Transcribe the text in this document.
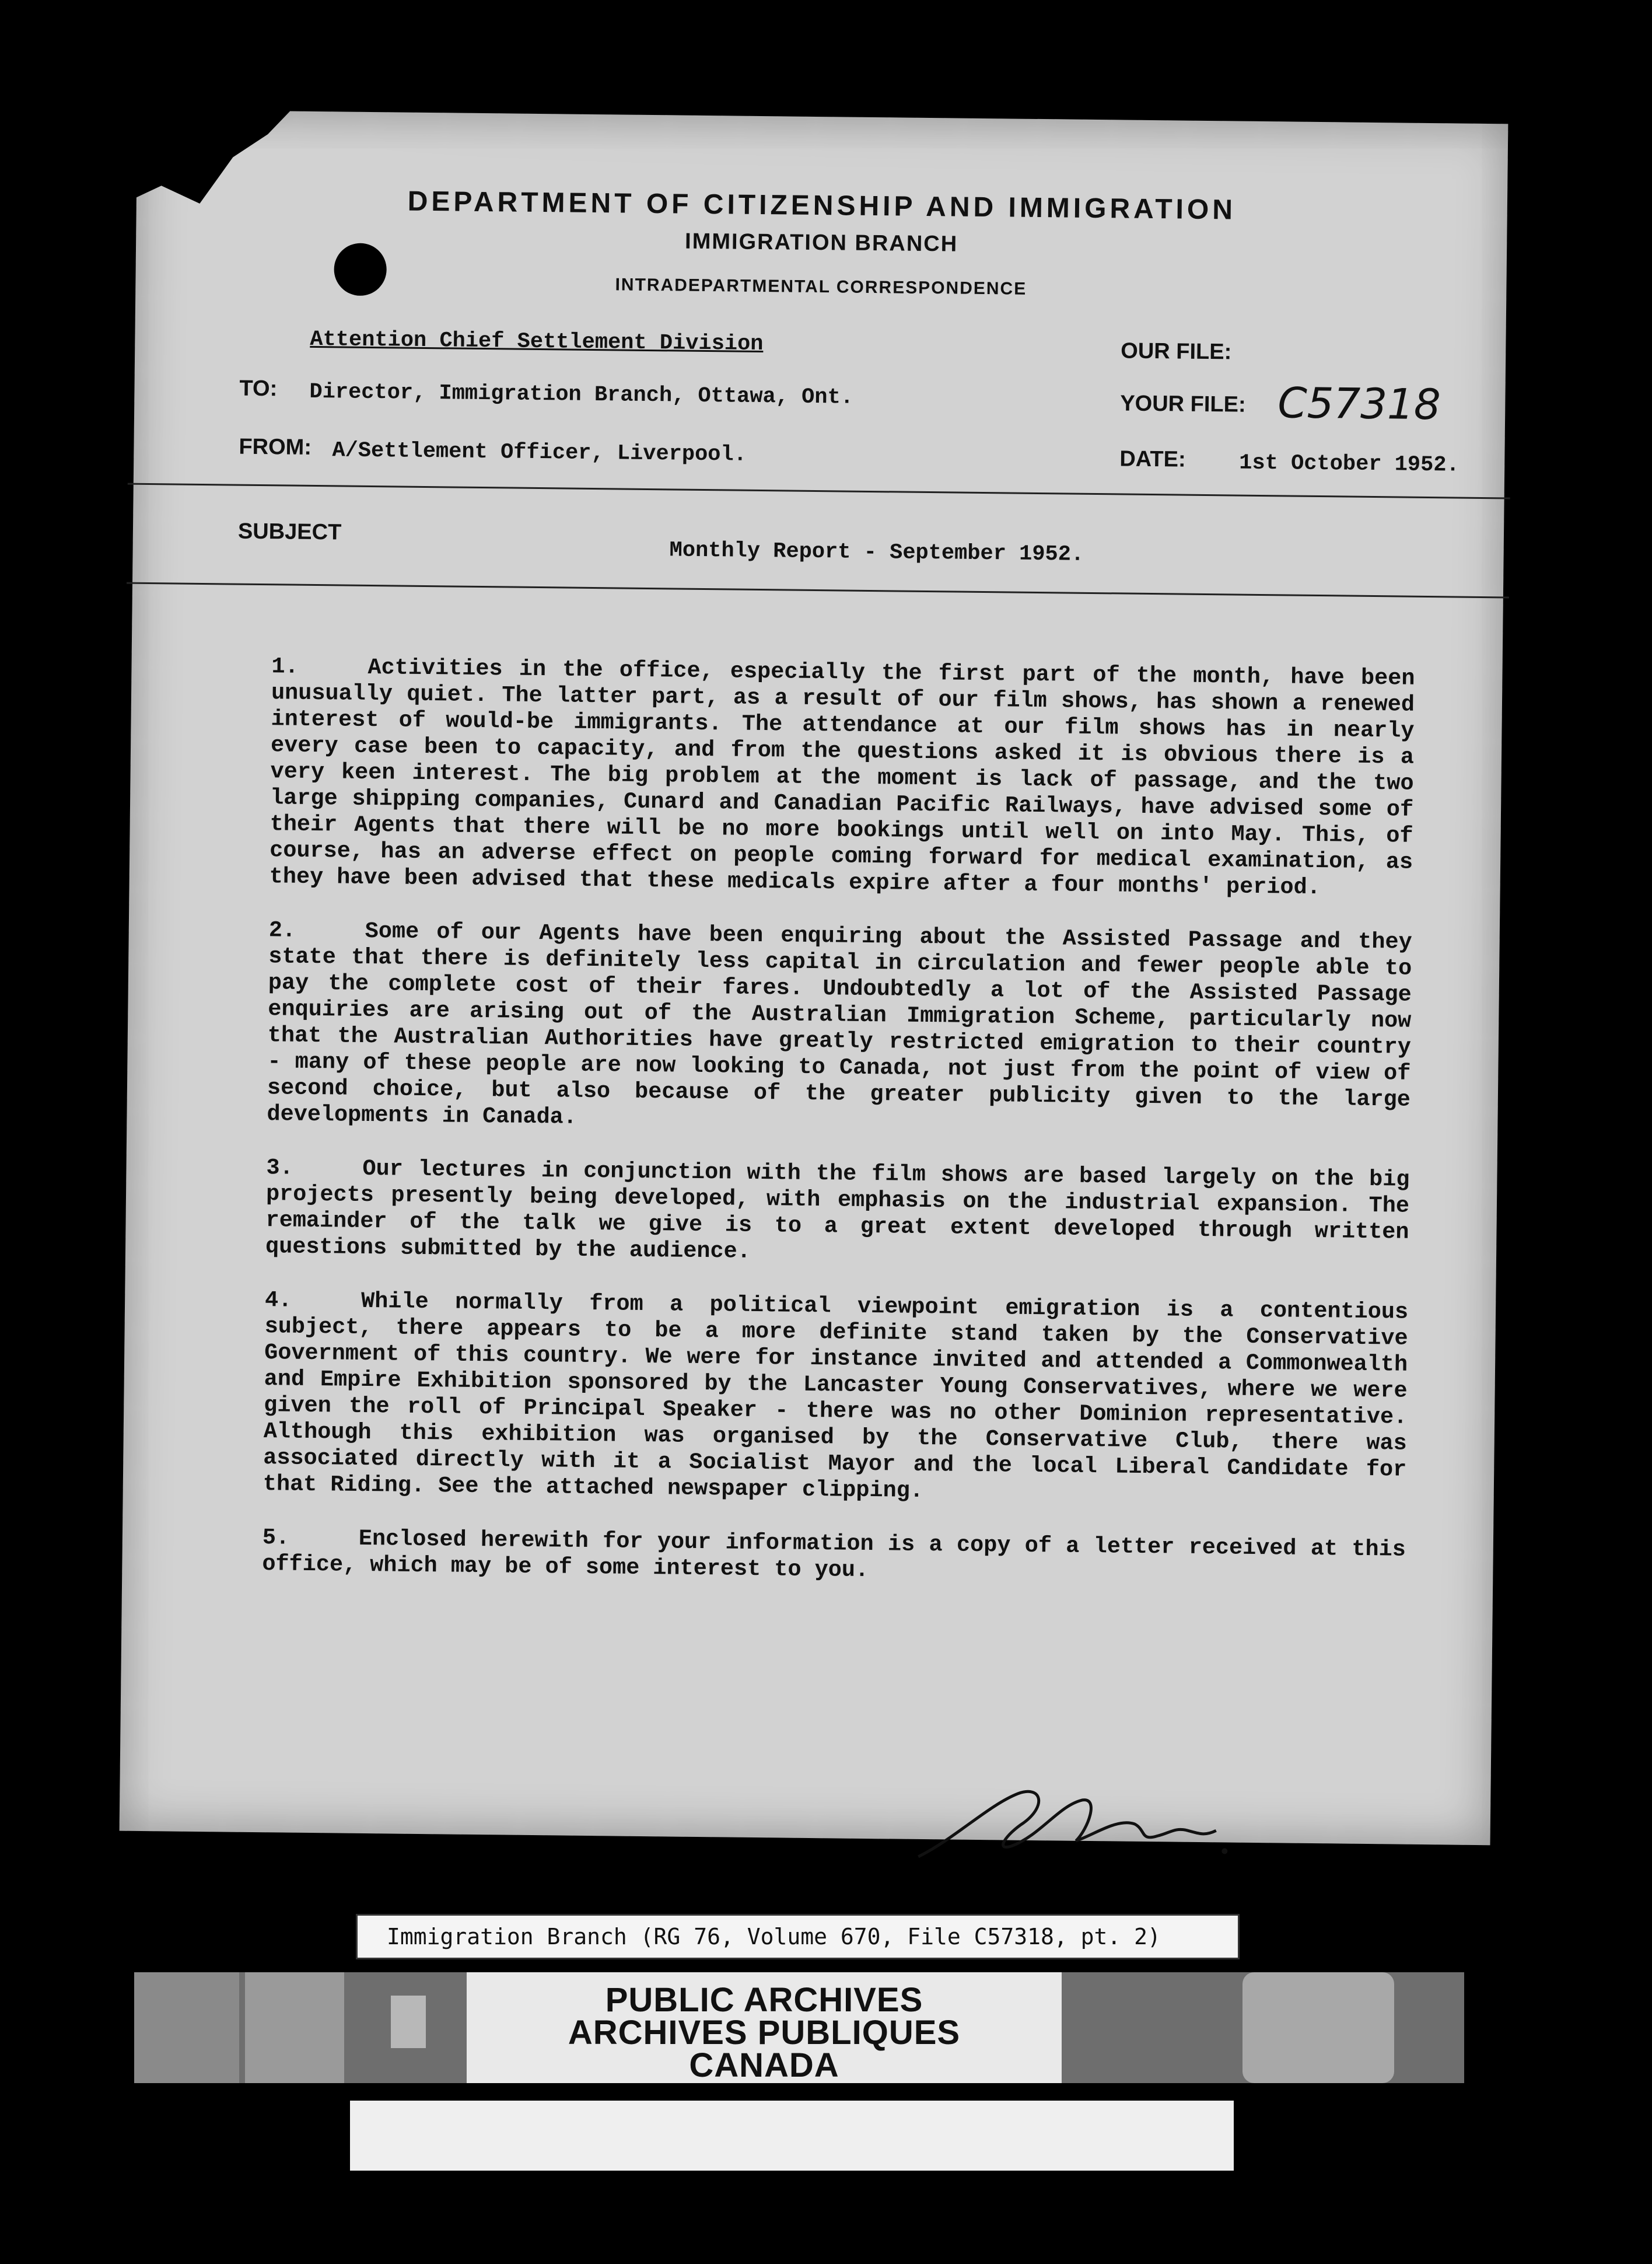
DEPARTMENT OF CITIZENSHIP AND IMMIGRATION
IMMIGRATION BRANCH
INTRADEPARTMENTAL CORRESPONDENCE
Attention Chief Settlement Division
TO: Director, Immigration Branch, Ottawa, Ont.
FROM: A/Settlement Officer, Liverpool.
OUR FILE:
YOUR FILE: C57318
DATE: 1st October 1952.
SUBJECT
Monthly Report - September 1952.

1.	Activities in the office, especially the first part of the month, have been unusually quiet. The latter part, as a result of our film shows, has shown a renewed interest of would-be immigrants. The attendance at our film shows has in nearly every case been to capacity, and from the questions asked it is obvious there is a very keen interest. The big problem at the moment is lack of passage, and the two large shipping companies, Cunard and Canadian Pacific Railways, have advised some of their Agents that there will be no more bookings until well on into May. This, of course, has an adverse effect on people coming forward for medical examination, as they have been advised that these medicals expire after a four months' period.

2.	Some of our Agents have been enquiring about the Assisted Passage and they state that there is definitely less capital in circulation and fewer people able to pay the complete cost of their fares. Undoubtedly a lot of the Assisted Passage enquiries are arising out of the Australian Immigration Scheme, particularly now that the Australian Authorities have greatly restricted emigration to their country - many of these people are now looking to Canada, not just from the point of view of second choice, but also because of the greater publicity given to the large developments in Canada.

3.	Our lectures in conjunction with the film shows are based largely on the big projects presently being developed, with emphasis on the industrial expansion. The remainder of the talk we give is to a great extent developed through written questions submitted by the audience.

4.	While normally from a political viewpoint emigration is a contentious subject, there appears to be a more definite stand taken by the Conservative Government of this country. We were for instance invited and attended a Commonwealth and Empire Exhibition sponsored by the Lancaster Young Conservatives, where we were given the roll of Principal Speaker - there was no other Dominion representative. Although this exhibition was organised by the Conservative Club, there was associated directly with it a Socialist Mayor and the local Liberal Candidate for that Riding. See the attached newspaper clipping.

5.	Enclosed herewith for your information is a copy of a letter received at this office, which may be of some interest to you.

Immigration Branch (RG 76, Volume 670, File C57318, pt. 2)
PUBLIC ARCHIVES
ARCHIVES PUBLIQUES
CANADA
